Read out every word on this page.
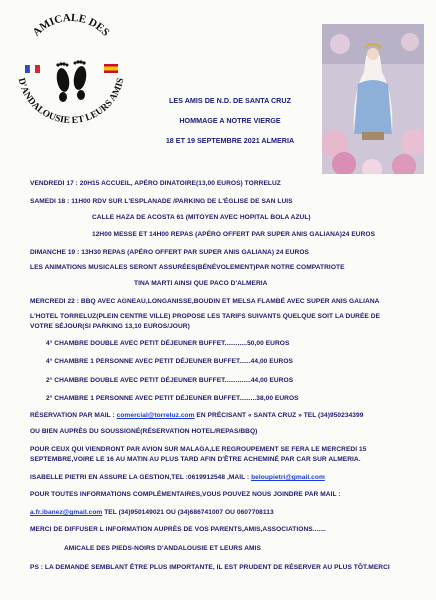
AMICALE DES
D'ANDALOUSIE ET LEURS AMIS
LES AMIS DE N.D. DE SANTA CRUZ
HOMMAGE A NOTRE VIERGE
18 ET 19 SEPTEMBRE 2021 ALMERIA
VENDREDI 17 : 20H15 ACCUEIL, APÉRO DINATOIRE(13,00 EUROS) TORRELUZ
SAMEDI 18 : 11H00 RDV SUR L'ESPLANADE /PARKING DE L'ÉGLISE DE SAN LUIS
CALLE HAZA DE ACOSTA 61 (MITOYEN AVEC HOPITAL BOLA AZUL)
12H00 MESSE ET 14H00 REPAS (APÉRO OFFERT PAR SUPER ANIS GALIANA)24 EUROS
DIMANCHE 19 : 13H30 REPAS (APÉRO OFFERT PAR SUPER ANIS GALIANA) 24 EUROS
LES ANIMATIONS MUSICALES SERONT ASSURÉES(BÉNÉVOLEMENT)PAR NOTRE COMPATRIOTE
TINA MARTI AINSI QUE PACO D'ALMERIA
MERCREDI 22 : BBQ AVEC AGNEAU,LONGANISSE,BOUDIN ET MELSA FLAMBÉ AVEC SUPER ANIS GALIANA
L'HOTEL TORRELUZ(PLEIN CENTRE VILLE) PROPOSE LES TARIFS SUIVANTS QUELQUE SOIT LA DURÉE DE
VOTRE SÉJOUR(SI PARKING 13,10 EUROS/JOUR)
4° CHAMBRE DOUBLE AVEC PETIT DÉJEUNER BUFFET............50,00 EUROS
4° CHAMBRE 1 PERSONNE AVEC PETIT DÉJEUNER BUFFET......44,00 EUROS
2° CHAMBRE DOUBLE AVEC PETIT DÉJEUNER BUFFET..............44,00 EUROS
2° CHAMBRE 1 PERSONNE AVEC PETIT DÉJEUNER BUFFET.........38,00 EUROS
RÉSERVATION PAR MAIL : comercial@torreluz.com EN PRÉCISANT « SANTA CRUZ » TEL (34)950234399
OU BIEN AUPRÈS DU SOUSSIGNÉ(RÉSERVATION HOTEL/REPAS/BBQ)
POUR CEUX QUI VIENDRONT PAR AVION SUR MALAGA,LE REGROUPEMENT SE FERA LE MERCREDI 15
SEPTEMBRE,VOIRE LE 16 AU MATIN AU PLUS TARD AFIN D'ÊTRE ACHEMINÉ PAR CAR SUR ALMERIA.
ISABELLE PIETRI EN ASSURE LA GESTION,TEL :0619912548 ,MAIL : beloupietri@gmail.com
POUR TOUTES INFORMATIONS COMPLÉMENTAIRES,VOUS POUVEZ NOUS JOINDRE PAR MAIL :
a.fr.ibanez@gmail.com TEL (34)950149021 OU (34)686741007 OU 0607708113
MERCI DE DIFFUSER L INFORMATION AUPRÈS DE VOS PARENTS,AMIS,ASSOCIATIONS.......
AMICALE DES PIEDS-NOIRS D'ANDALOUSIE ET LEURS AMIS
PS : LA DEMANDE SEMBLANT ÊTRE PLUS IMPORTANTE, IL EST PRUDENT DE RÉSERVER AU PLUS TÔT.MERCI
